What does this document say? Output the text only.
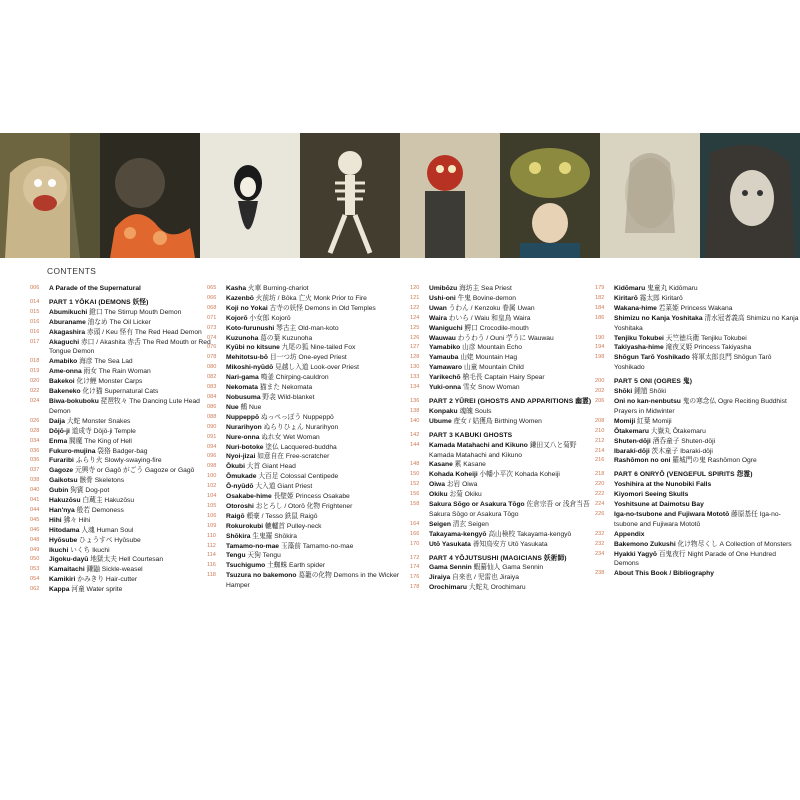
CONTENTS
006	A Parade of the Supernatural
014	PART 1 YŌKAI (DEMONS 妖怪)
015	Abumikuchi 鐙口 The Stirrup Mouth Demon
016	Aburaname 油なめ The Oil Licker
016	Akagashira 赤頭 / Keu 怪有 The Red Head Demon
017	Akaguchi 赤口 / Akashita 赤舌 The Red Mouth or Red Tongue Demon
018	Amabiko 海彦 The Sea Lad
019	Ame-onna 雨女 The Rain Woman
020	Bakekoi 化け鯉 Monster Carps
022	Bakeneko 化け猫 Supernatural Cats
024	Biwa-bokuboku 琵琶牧々 The Dancing Lute Head Demon
026	Daija 大蛇 Monster Snakes
028	Dōjō-ji 道成寺 Dōjō-ji Temple
034	Enma 閻魔 The King of Hell
036	Fukuro-mujina 袋狢 Badger-bag
036	Furaribi ふらり火 Slowly-swaying-fire
037	Gagoze 元興寺 or Gagō がごう Gagoze or Gagō
038	Gaikotsu 骸骨 Skeletons
040	Gubin 狗賓 Dog-pot
041	Hakuzōsu 白蔵主 Hakuzōsu
044	Han'nya 般若 Demoness
045	Hihi 狒々 Hihi
046	Hitodama 人魂 Human Soul
048	Hyōsube ひょうすべ Hyōsube
049	Ikuchi いくち Ikuchi
050	Jigoku-dayū 地獄太夫 Hell Courtesan
053	Kamaitachi 鎌鼬 Sickle-weasel
054	Kamikiri かみきり Hair-cutter
062	Kappa 河童 Water sprite
065	Kasha 火車 Burning-chariot
066	Kazenbō 火前坊 / Bōka 亡火 Monk Prior to Fire
068	Koji no Yokai 古寺の妖怪 Demons in Old Temples
071	Kojorō 小女郎 Kojorō
073	Koto-furunushi 琴古主 Old-man-koto
074	Kuzunoha 葛の葉 Kuzunoha
076	Kyūbi no kitsune 九尾の狐 Nine-tailed Fox
078	Mehitotsu-bō 目一つ坊 One-eyed Priest
080	Mikoshi-nyūdō 見越し入道 Look-over Priest
082	Nari-gama 鳴釜 Chirping-cauldron
083	Nekomata 猫また Nekomata
084	Nobusuma 野衾 Wild-blanket
086	Nue 鵺 Nue
088	Nuppeppō ぬっぺっぽう Nuppeppō
090	Nurarihyon ぬらりひょん Nurarihyon
091	Nure-onna ぬれ女 Wet Woman
094	Nuri-botoke 塗仏 Lacquered-buddha
096	Nyoi-jizai 如意自在 Free-scratcher
098	Ōkubi 大首 Giant Head
100	Ōmukade 大百足 Colossal Centipede
102	Ō-nyūdō 大入道 Giant Priest
104	Osakabe-hime 長壁姫 Princess Osakabe
105	Otoroshi おとろし / Otorō 化物 Frightener
106	Raigō 頼豪 / Tesso 鉄鼠 Raigō
109	Rokurokubi 轆轤首 Pulley-neck
110	Shōkira 生鬼羅 Shōkira
112	Tamamo-no-mae 玉藻前 Tamamo-no-mae
114	Tengu 天狗 Tengu
116	Tsuchigumo 土蜘蛛 Earth spider
118	Tsuzura no bakemono 葛籠の化物 Demons in the Wicker Hamper
120	Umibōzu 海坊主 Sea Priest
121	Ushi-oni 牛鬼 Bovine-demon
122	Uwan うわん / Kenzoku 眷属 Uwan
124	Waira わいら / Waiu 和皇鳥 Waira
125	Waniguchi 鰐口 Crocodile-mouth
126	Wauwau わうわう / Ouni 苧うに Wauwau
127	Yamabiko 山彦 Mountain Echo
128	Yamauba 山姥 Mountain Hag
130	Yamawaro 山童 Mountain Child
133	Yarikechō 槍毛長 Captain Hairy Spear
134	Yuki-onna 雪女 Snow Woman
136	PART 2 YŪREI (GHOSTS AND APPARITIONS 幽霊)
138	Konpaku 魂魄 Souls
140	Ubume 産女 / 姑獲鳥 Birthing Women
142	PART 3 KABUKI GHOSTS
144	Kamada Matahachi and Kikuno 鎌田又八と菊野 Kamada Matahachi and Kikuno
148	Kasane 累 Kasane
150	Kohada Koheiji 小幡小平次 Kohada Koheiji
152	Oiwa お岩 Oiwa
156	Okiku お菊 Okiku
158	Sakura Sōgo or Asakura Tōgo 佐倉宗吾 or 浅倉当吾 Sakura Sōgo or Asakura Tōgo
164	Seigen 清玄 Seigen
166	Takayama-kengyō 高山検校 Takayama-kengyō
170	Utō Yasukata 善知鳥安方 Utō Yasukata
172	PART 4 YŌJUTSUSHI (MAGICIANS 妖術師)
174	Gama Sennin 蝦蟇仙人 Gama Sennin
176	Jiraiya 自来也 / 児雷也 Jiraiya
178	Orochimaru 大蛇丸 Orochimaru
179	Kidōmaru 鬼童丸 Kidōmaru
182	Kiritarō 霧太郎 Kiritarō
184	Wakana-hime 若菜姫 Princess Wakana
186	Shimizu no Kanja Yoshitaka 清水冠者義高 Shimizu no Kanja Yoshitaka
190	Tenjiku Tokubei 天竺徳兵衛 Tenjiku Tokubei
194	Takiyasha-hime 滝夜叉姫 Princess Takiyasha
198	Shōgun Tarō Yoshikado 将軍太郎良門 Shōgun Tarō Yoshikado
200	PART 5 ONI (OGRES 鬼)
202	Shōki 鍾馗 Shōki
206	Oni no kan-nenbutsu 鬼の寒念仏 Ogre Reciting Buddhist Prayers in Midwinter
208	Momiji 紅葉 Momiji
210	Ōtakemaru 大嶽丸 Ōtakemaru
212	Shuten-dōji 酒呑童子 Shuten-dōji
214	Ibaraki-dōji 茨木童子 Ibaraki-dōji
216	Rashōmon no oni 羅城門の鬼 Rashōmon Ogre
218	PART 6 ONRYŌ (VENGEFUL SPIRITS 怨霊)
220	Yoshihira at the Nunobiki Falls
222	Kiyomori Seeing Skulls
224	Yoshitsune at Daimotsu Bay
226	Iga-no-tsubone and Fujiwara Mototō 藤原基任 Iga-no-tsubone and Fujiwara Mototō
232	Appendix
232	Bakemono Zukushi 化け物尽くし A Collection of Monsters
234	Hyakki Yagyō 百鬼夜行 Night Parade of One Hundred Demons
238	About This Book / Bibliography
